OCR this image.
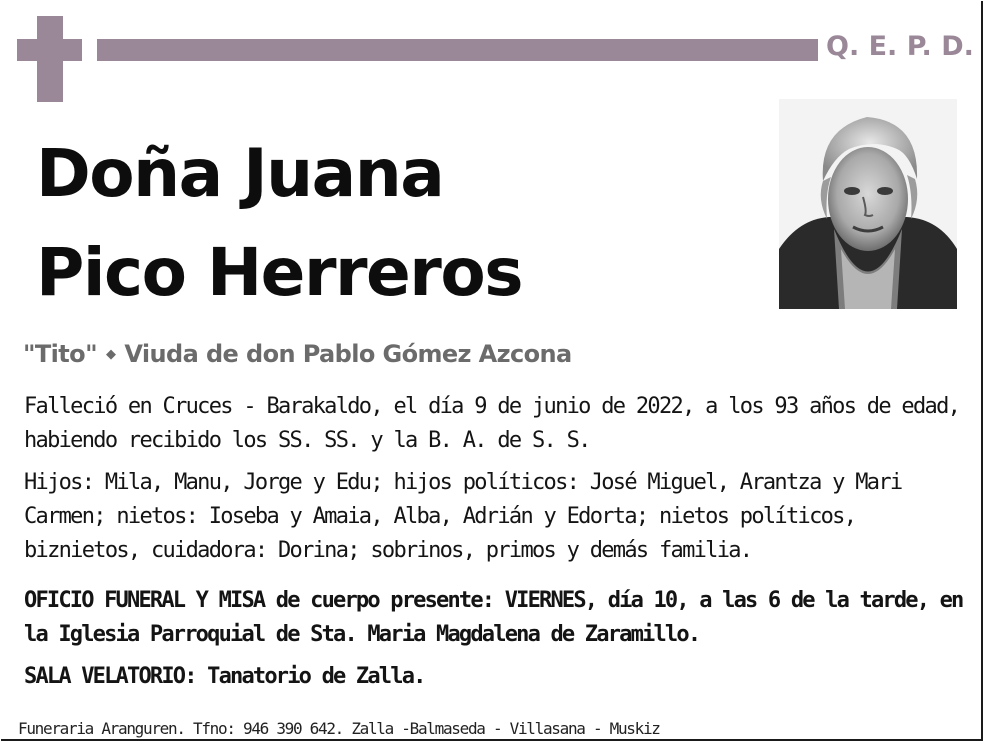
Q. E. P. D.
Doña Juana
Pico Herreros
"Tito" ◆ Viuda de don Pablo Gómez Azcona

Falleció en Cruces - Barakaldo, el día 9 de junio de 2022, a los 93 años de edad, habiendo recibido los SS. SS. y la B. A. de S. S.

Hijos: Mila, Manu, Jorge y Edu; hijos políticos: José Miguel, Arantza y Mari Carmen; nietos: Ioseba y Amaia, Alba, Adrián y Edorta; nietos políticos, biznietos, cuidadora: Dorina; sobrinos, primos y demás familia.

OFICIO FUNERAL Y MISA de cuerpo presente: VIERNES, día 10, a las 6 de la tarde, en la Iglesia Parroquial de Sta. Maria Magdalena de Zaramillo.

SALA VELATORIO: Tanatorio de Zalla.

Funeraria Aranguren. Tfno: 946 390 642. Zalla -Balmaseda - Villasana - Muskiz
